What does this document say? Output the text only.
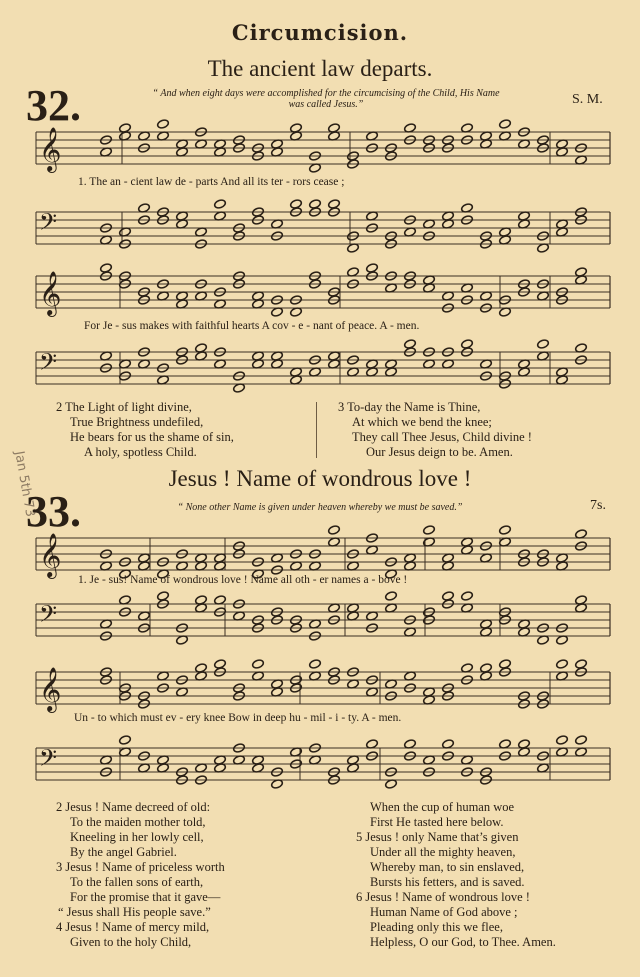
Circumcision.
The ancient law departs.
32.	“ And when eight days were accomplished for the circumcising of the Child, His Name
was called Jesus.”	S. M.
𝄞
𝄢
𝄞
𝄢
1. The an - cient law de - parts And all its ter - rors cease ;
For Je - sus makes with faithful hearts A cov - e - nant of peace. A - men.
2 The Light of light divine,
True Brightness undefiled,
He bears for us the shame of sin,
A holy, spotless Child.
3 To-day the Name is Thine,
At which we bend the knee;
They call Thee Jesus, Child divine !
Our Jesus deign to be. Amen.
Jan 5th 73	Jesus ! Name of wondrous love !
33.	“ None other Name is given under heaven whereby we must be saved.”	7s.
𝄞
𝄢
𝄞
𝄢
1. Je - sus! Name of wondrous love ! Name all oth - er names a - bove !
Un - to which must ev - ery knee Bow in deep hu - mil - i - ty. A - men.
2 Jesus ! Name decreed of old:
To the maiden mother told,
Kneeling in her lowly cell,
By the angel Gabriel.
3 Jesus ! Name of priceless worth
To the fallen sons of earth,
For the promise that it gave—
“ Jesus shall His people save.”
4 Jesus ! Name of mercy mild,
Given to the holy Child,
When the cup of human woe
First He tasted here below.
5 Jesus ! only Name that’s given
Under all the mighty heaven,
Whereby man, to sin enslaved,
Bursts his fetters, and is saved.
6 Jesus ! Name of wondrous love !
Human Name of God above ;
Pleading only this we flee,
Helpless, O our God, to Thee. Amen.
